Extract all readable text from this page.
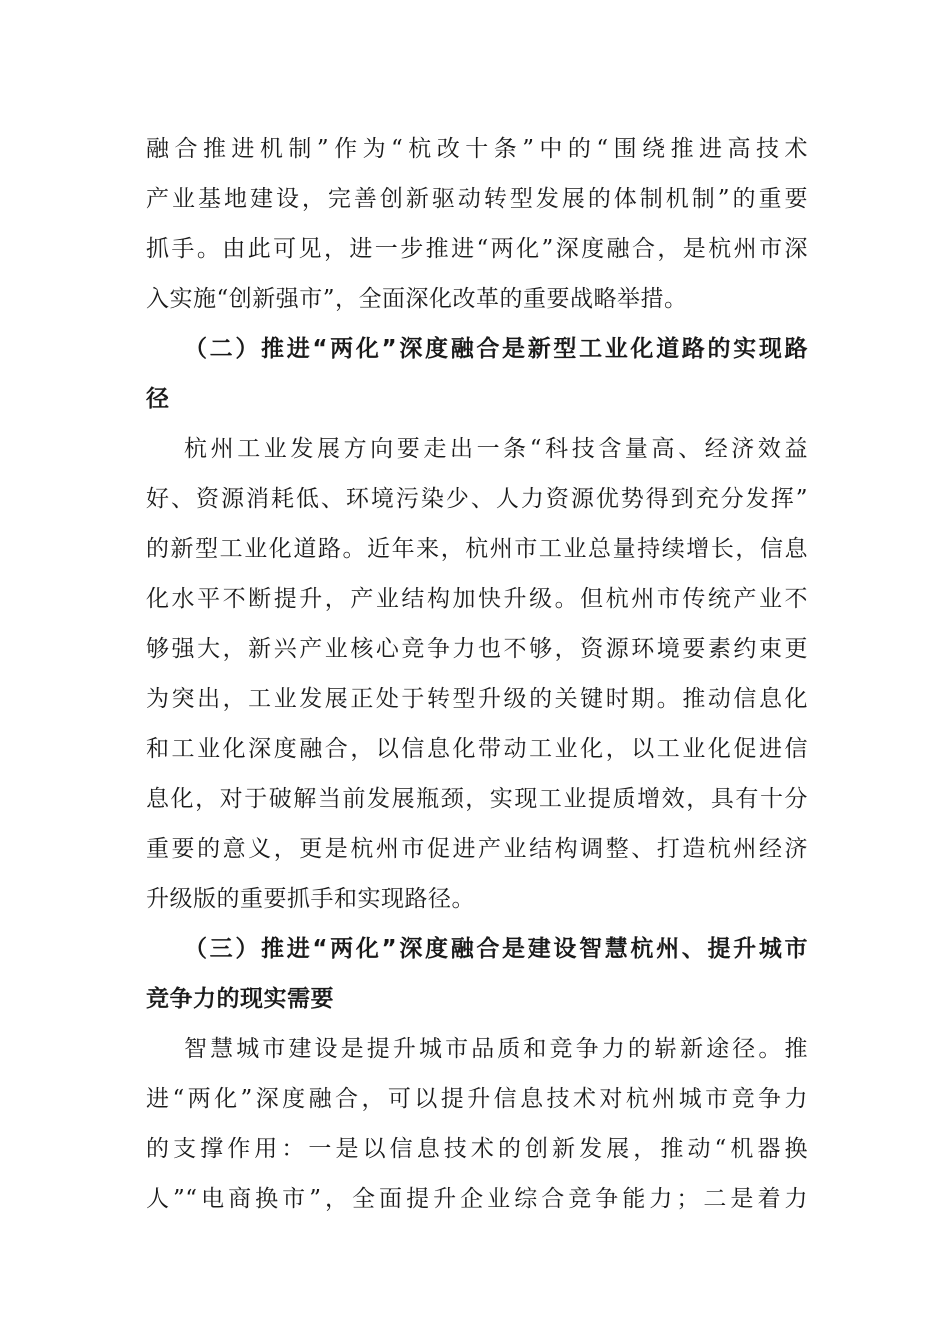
融合推进机制”作为“杭改十条”中的“围绕推进高技术
产业基地建设，完善创新驱动转型发展的体制机制”的重要
抓手。由此可见，进一步推进“两化”深度融合，是杭州市深
入实施“创新强市”，全面深化改革的重要战略举措。
（二）推进“两化”深度融合是新型工业化道路的实现路
径
杭州工业发展方向要走出一条“科技含量高、经济效益
好、资源消耗低、环境污染少、人力资源优势得到充分发挥”
的新型工业化道路。近年来，杭州市工业总量持续增长，信息
化水平不断提升，产业结构加快升级。但杭州市传统产业不
够强大，新兴产业核心竞争力也不够，资源环境要素约束更
为突出，工业发展正处于转型升级的关键时期。推动信息化
和工业化深度融合，以信息化带动工业化，以工业化促进信
息化，对于破解当前发展瓶颈，实现工业提质增效，具有十分
重要的意义，更是杭州市促进产业结构调整、打造杭州经济
升级版的重要抓手和实现路径。
（三）推进“两化”深度融合是建设智慧杭州、提升城市
竞争力的现实需要
智慧城市建设是提升城市品质和竞争力的崭新途径。推
进“两化”深度融合，可以提升信息技术对杭州城市竞争力
的支撑作用：一是以信息技术的创新发展，推动“机器换
人”“电商换市”，全面提升企业综合竞争能力；二是着力
